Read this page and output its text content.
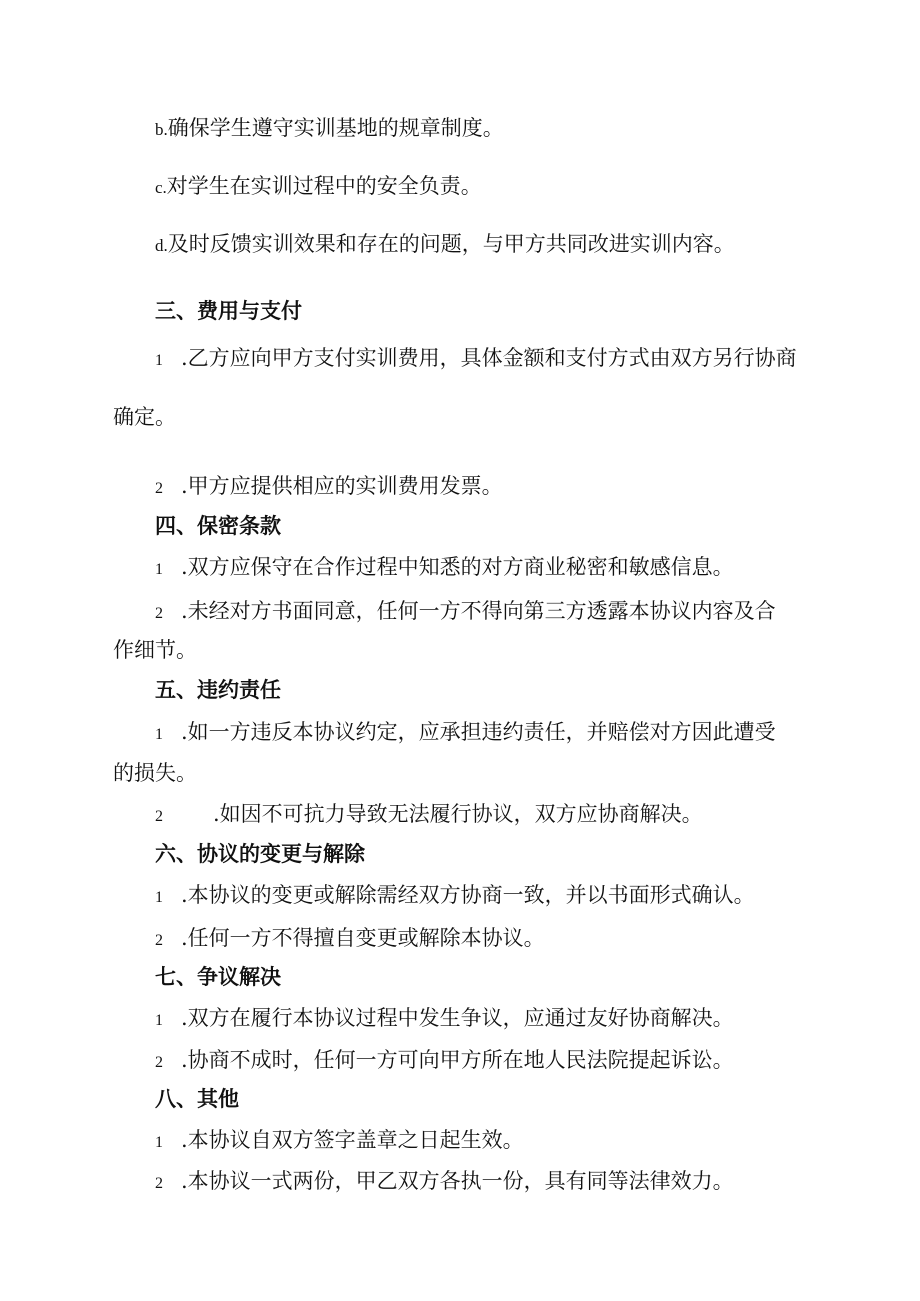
b.确保学生遵守实训基地的规章制度。
c.对学生在实训过程中的安全负责。
d.及时反馈实训效果和存在的问题，与甲方共同改进实训内容。
三、费用与支付
1 .乙方应向甲方支付实训费用，具体金额和支付方式由双方另行协商
确定。
2 .甲方应提供相应的实训费用发票。
四、保密条款
1 .双方应保守在合作过程中知悉的对方商业秘密和敏感信息。
2 .未经对方书面同意，任何一方不得向第三方透露本协议内容及合
作细节。
五、违约责任
1 .如一方违反本协议约定，应承担违约责任，并赔偿对方因此遭受
的损失。
2 .如因不可抗力导致无法履行协议，双方应协商解决。
六、协议的变更与解除
1 .本协议的变更或解除需经双方协商一致，并以书面形式确认。
2 .任何一方不得擅自变更或解除本协议。
七、争议解决
1 .双方在履行本协议过程中发生争议，应通过友好协商解决。
2 .协商不成时，任何一方可向甲方所在地人民法院提起诉讼。
八、其他
1 .本协议自双方签字盖章之日起生效。
2 .本协议一式两份，甲乙双方各执一份，具有同等法律效力。
